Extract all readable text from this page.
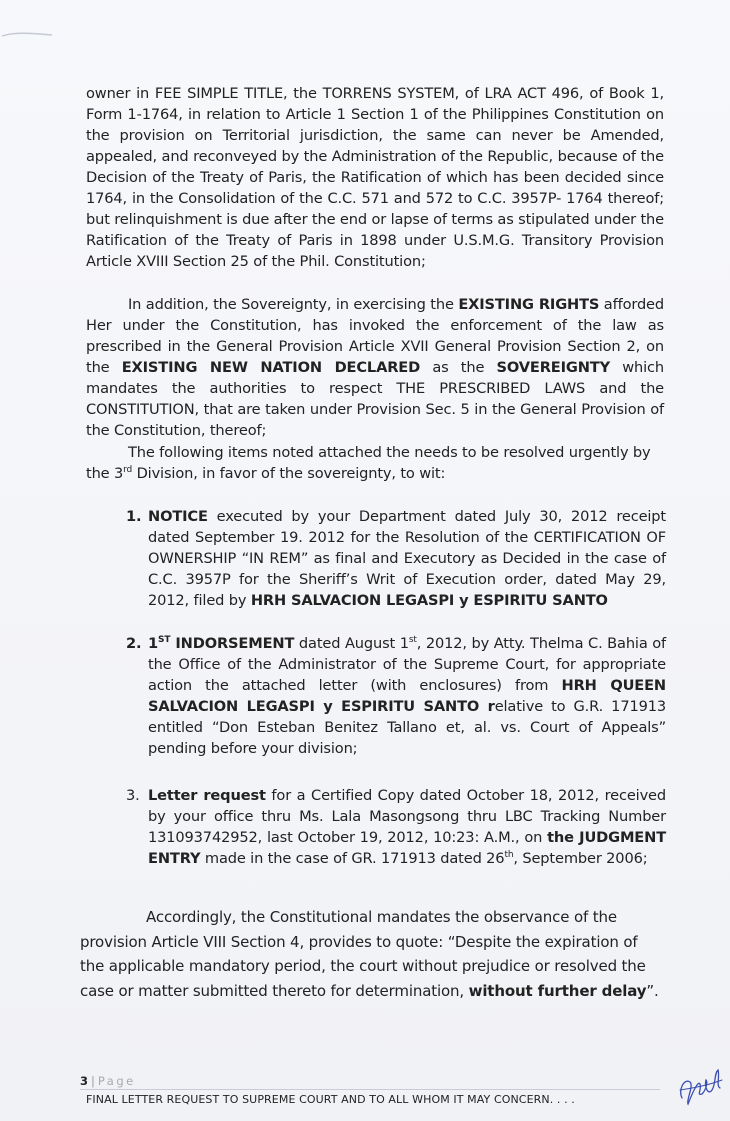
owner in FEE SIMPLE TITLE, the TORRENS SYSTEM, of LRA ACT 496, of Book 1, Form 1-1764, in relation to Article 1 Section 1 of the Philippines Constitution on the provision on Territorial jurisdiction, the same can never be Amended, appealed, and reconveyed by the Administration of the Republic, because of the Decision of the Treaty of Paris, the Ratification of which has been decided since 1764, in the Consolidation of the C.C. 571 and 572 to C.C. 3957P- 1764 thereof; but relinquishment is due after the end or lapse of terms as stipulated under the Ratification of the Treaty of Paris in 1898 under U.S.M.G. Transitory Provision Article XVIII Section 25 of the Phil. Constitution;

In addition, the Sovereignty, in exercising the EXISTING RIGHTS afforded Her under the Constitution, has invoked the enforcement of the law as prescribed in the General Provision Article XVII General Provision Section 2, on the EXISTING NEW NATION DECLARED as the SOVEREIGNTY which mandates the authorities to respect THE PRESCRIBED LAWS and the CONSTITUTION, that are taken under Provision Sec. 5 in the General Provision of the Constitution, thereof;

The following items noted attached the needs to be resolved urgently by the 3rd Division, in favor of the sovereignty, to wit:

1. NOTICE executed by your Department dated July 30, 2012 receipt dated September 19. 2012 for the Resolution of the CERTIFICATION OF OWNERSHIP “IN REM” as final and Executory as Decided in the case of C.C. 3957P for the Sheriff’s Writ of Execution order, dated May 29, 2012, filed by HRH SALVACION LEGASPI y ESPIRITU SANTO

2. 1ST INDORSEMENT dated August 1st, 2012, by Atty. Thelma C. Bahia of the Office of the Administrator of the Supreme Court, for appropriate action the attached letter (with enclosures) from HRH QUEEN SALVACION LEGASPI y ESPIRITU SANTO relative to G.R. 171913 entitled “Don Esteban Benitez Tallano et, al. vs. Court of Appeals” pending before your division;

3. Letter request for a Certified Copy dated October 18, 2012, received by your office thru Ms. Lala Masongsong thru LBC Tracking Number 131093742952, last October 19, 2012, 10:23: A.M., on the JUDGMENT ENTRY made in the case of GR. 171913 dated 26th, September 2006;

Accordingly, the Constitutional mandates the observance of the provision Article VIII Section 4, provides to quote: “Despite the expiration of the applicable mandatory period, the court without prejudice or resolved the case or matter submitted thereto for determination, without further delay”.

3 | Page
FINAL LETTER REQUEST TO SUPREME COURT AND TO ALL WHOM IT MAY CONCERN. . . .
